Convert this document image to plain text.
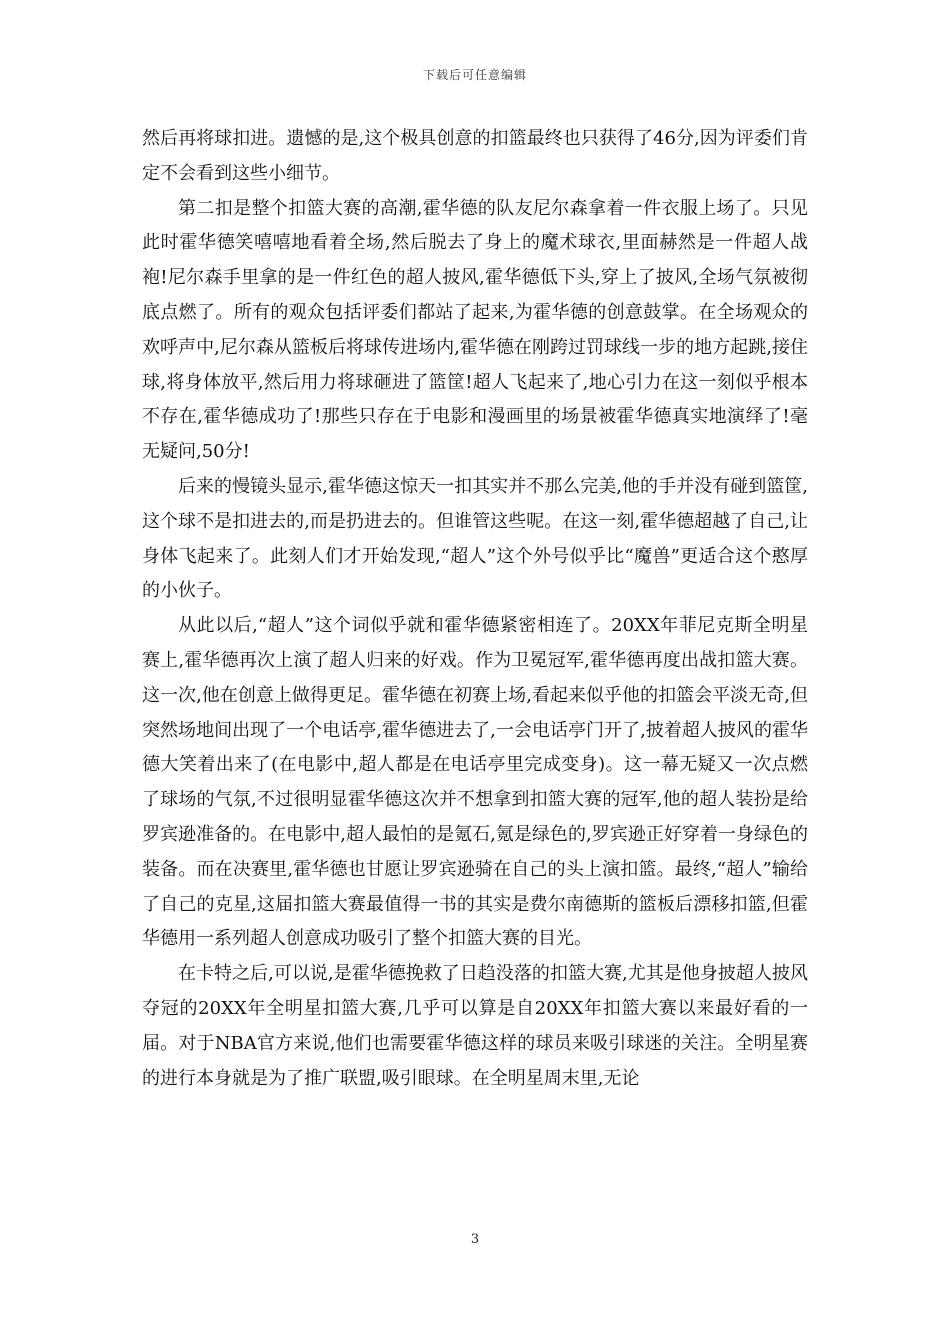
下载后可任意编辑

然后再将球扣进。遗憾的是,这个极具创意的扣篮最终也只获得了46分,因为评委们肯定不会看到这些小细节。

第二扣是整个扣篮大赛的高潮,霍华德的队友尼尔森拿着一件衣服上场了。只见此时霍华德笑嘻嘻地看着全场,然后脱去了身上的魔术球衣,里面赫然是一件超人战袍!尼尔森手里拿的是一件红色的超人披风,霍华德低下头,穿上了披风,全场气氛被彻底点燃了。所有的观众包括评委们都站了起来,为霍华德的创意鼓掌。在全场观众的欢呼声中,尼尔森从篮板后将球传进场内,霍华德在刚跨过罚球线一步的地方起跳,接住球,将身体放平,然后用力将球砸进了篮筐!超人飞起来了,地心引力在这一刻似乎根本不存在,霍华德成功了!那些只存在于电影和漫画里的场景被霍华德真实地演绎了!毫无疑问,50分!

后来的慢镜头显示,霍华德这惊天一扣其实并不那么完美,他的手并没有碰到篮筐,这个球不是扣进去的,而是扔进去的。但谁管这些呢。在这一刻,霍华德超越了自己,让身体飞起来了。此刻人们才开始发现,“超人”这个外号似乎比“魔兽”更适合这个憨厚的小伙子。

从此以后,“超人”这个词似乎就和霍华德紧密相连了。20XX年菲尼克斯全明星赛上,霍华德再次上演了超人归来的好戏。作为卫冕冠军,霍华德再度出战扣篮大赛。这一次,他在创意上做得更足。霍华德在初赛上场,看起来似乎他的扣篮会平淡无奇,但突然场地间出现了一个电话亭,霍华德进去了,一会电话亭门开了,披着超人披风的霍华德大笑着出来了(在电影中,超人都是在电话亭里完成变身)。这一幕无疑又一次点燃了球场的气氛,不过很明显霍华德这次并不想拿到扣篮大赛的冠军,他的超人装扮是给罗宾逊准备的。在电影中,超人最怕的是氪石,氪是绿色的,罗宾逊正好穿着一身绿色的装备。而在决赛里,霍华德也甘愿让罗宾逊骑在自己的头上演扣篮。最终,“超人”输给了自己的克星,这届扣篮大赛最值得一书的其实是费尔南德斯的篮板后漂移扣篮,但霍华德用一系列超人创意成功吸引了整个扣篮大赛的目光。

在卡特之后,可以说,是霍华德挽救了日趋没落的扣篮大赛,尤其是他身披超人披风夺冠的20XX年全明星扣篮大赛,几乎可以算是自20XX年扣篮大赛以来最好看的一届。对于NBA官方来说,他们也需要霍华德这样的球员来吸引球迷的关注。全明星赛的进行本身就是为了推广联盟,吸引眼球。在全明星周末里,无论

3
